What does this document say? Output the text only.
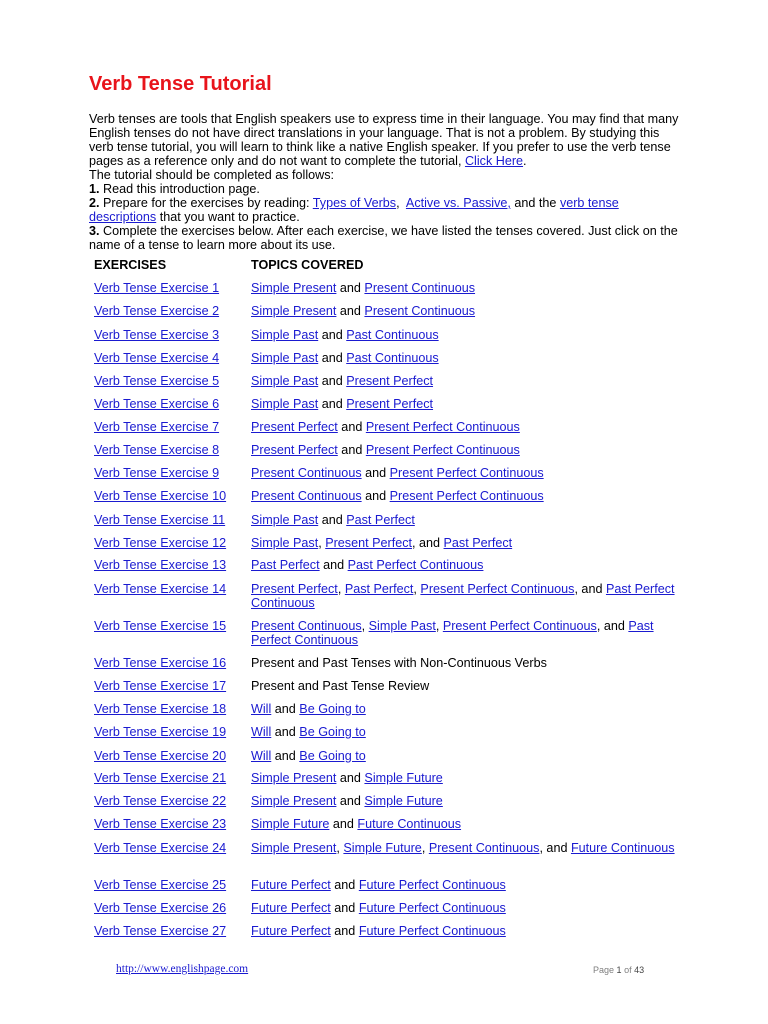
Verb Tense Tutorial

Verb tenses are tools that English speakers use to express time in their language. You may find that many English tenses do not have direct translations in your language. That is not a problem. By studying this verb tense tutorial, you will learn to think like a native English speaker. If you prefer to use the verb tense pages as a reference only and do not want to complete the tutorial, Click Here.

The tutorial should be completed as follows:

1. Read this introduction page.

2. Prepare for the exercises by reading: Types of Verbs,  Active vs. Passive, and the verb tense descriptions that you want to practice.

3. Complete the exercises below. After each exercise, we have listed the tenses covered. Just click on the name of a tense to learn more about its use.

EXERCISES	TOPICS COVERED
Verb Tense Exercise 1	Simple Present and Present Continuous
Verb Tense Exercise 2	Simple Present and Present Continuous
Verb Tense Exercise 3	Simple Past and Past Continuous
Verb Tense Exercise 4	Simple Past and Past Continuous
Verb Tense Exercise 5	Simple Past and Present Perfect
Verb Tense Exercise 6	Simple Past and Present Perfect
Verb Tense Exercise 7	Present Perfect and Present Perfect Continuous
Verb Tense Exercise 8	Present Perfect and Present Perfect Continuous
Verb Tense Exercise 9	Present Continuous and Present Perfect Continuous
Verb Tense Exercise 10	Present Continuous and Present Perfect Continuous
Verb Tense Exercise 11	Simple Past and Past Perfect
Verb Tense Exercise 12	Simple Past, Present Perfect, and Past Perfect
Verb Tense Exercise 13	Past Perfect and Past Perfect Continuous
Verb Tense Exercise 14	Present Perfect, Past Perfect, Present Perfect Continuous, and Past Perfect Continuous
Verb Tense Exercise 15	Present Continuous, Simple Past, Present Perfect Continuous, and Past Perfect Continuous
Verb Tense Exercise 16	Present and Past Tenses with Non-Continuous Verbs
Verb Tense Exercise 17	Present and Past Tense Review
Verb Tense Exercise 18	Will and Be Going to
Verb Tense Exercise 19	Will and Be Going to
Verb Tense Exercise 20	Will and Be Going to
Verb Tense Exercise 21	Simple Present and Simple Future
Verb Tense Exercise 22	Simple Present and Simple Future
Verb Tense Exercise 23	Simple Future and Future Continuous
Verb Tense Exercise 24	Simple Present, Simple Future, Present Continuous, and Future Continuous
Verb Tense Exercise 25	Future Perfect and Future Perfect Continuous
Verb Tense Exercise 26	Future Perfect and Future Perfect Continuous
Verb Tense Exercise 27	Future Perfect and Future Perfect Continuous
http://www.englishpage.com	Page 1 of 43
